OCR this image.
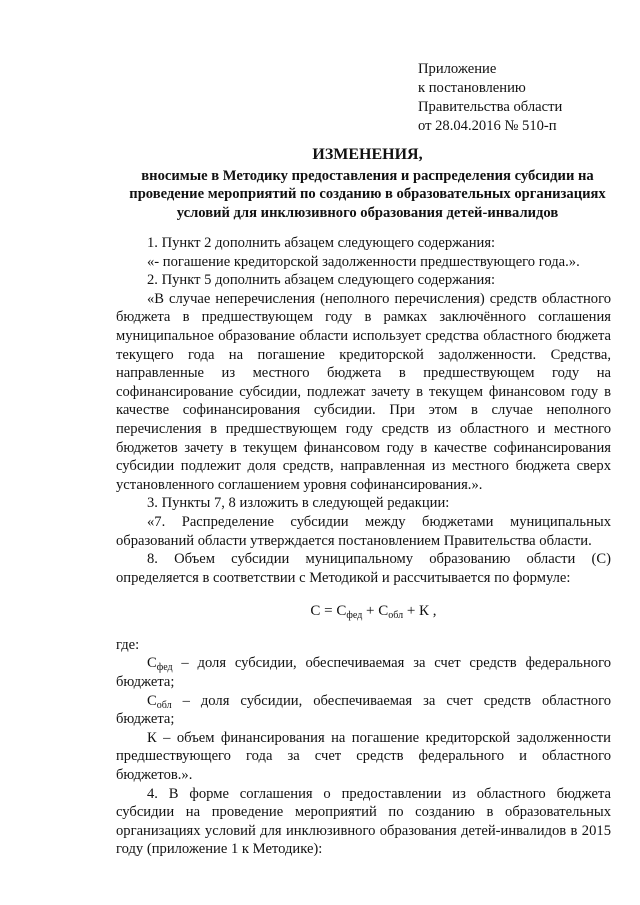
Приложение
к постановлению
Правительства области
от 28.04.2016 № 510-п
ИЗМЕНЕНИЯ,
вносимые в Методику предоставления и распределения субсидии на проведение мероприятий по созданию в образовательных организациях условий для инклюзивного образования детей-инвалидов

1. Пункт 2 дополнить абзацем следующего содержания:

«- погашение кредиторской задолженности предшествующего года.».

2. Пункт 5 дополнить абзацем следующего содержания:

«В случае неперечисления (неполного перечисления) средств областного бюджета в предшествующем году в рамках заключённого соглашения муниципальное образование области использует средства областного бюджета текущего года на погашение кредиторской задолженности. Средства, направленные из местного бюджета в предшествующем году на софинансирование субсидии, подлежат зачету в текущем финансовом году в качестве софинансирования субсидии. При этом в случае неполного перечисления в предшествующем году средств из областного и местного бюджетов зачету в текущем финансовом году в качестве софинансирования субсидии подлежит доля средств, направленная из местного бюджета сверх установленного соглашением уровня софинансирования.».

3. Пункты 7, 8 изложить в следующей редакции:

«7. Распределение субсидии между бюджетами муниципальных образований области утверждается постановлением Правительства области.

8. Объем субсидии муниципальному образованию области (С) определяется в соответствии с Методикой и рассчитывается по формуле:

$С = С_{фед} + С_{обл} + К$ ,

где:

$С_{фед}$ – доля субсидии, обеспечиваемая за счет средств федерального бюджета;

$С_{обл}$ – доля субсидии, обеспечиваемая за счет средств областного бюджета;

К – объем финансирования на погашение кредиторской задолженности предшествующего года за счет средств федерального и областного бюджетов.».

4. В форме соглашения о предоставлении из областного бюджета субсидии на проведение мероприятий по созданию в образовательных организациях условий для инклюзивного образования детей-инвалидов в 2015 году (приложение 1 к Методике):
